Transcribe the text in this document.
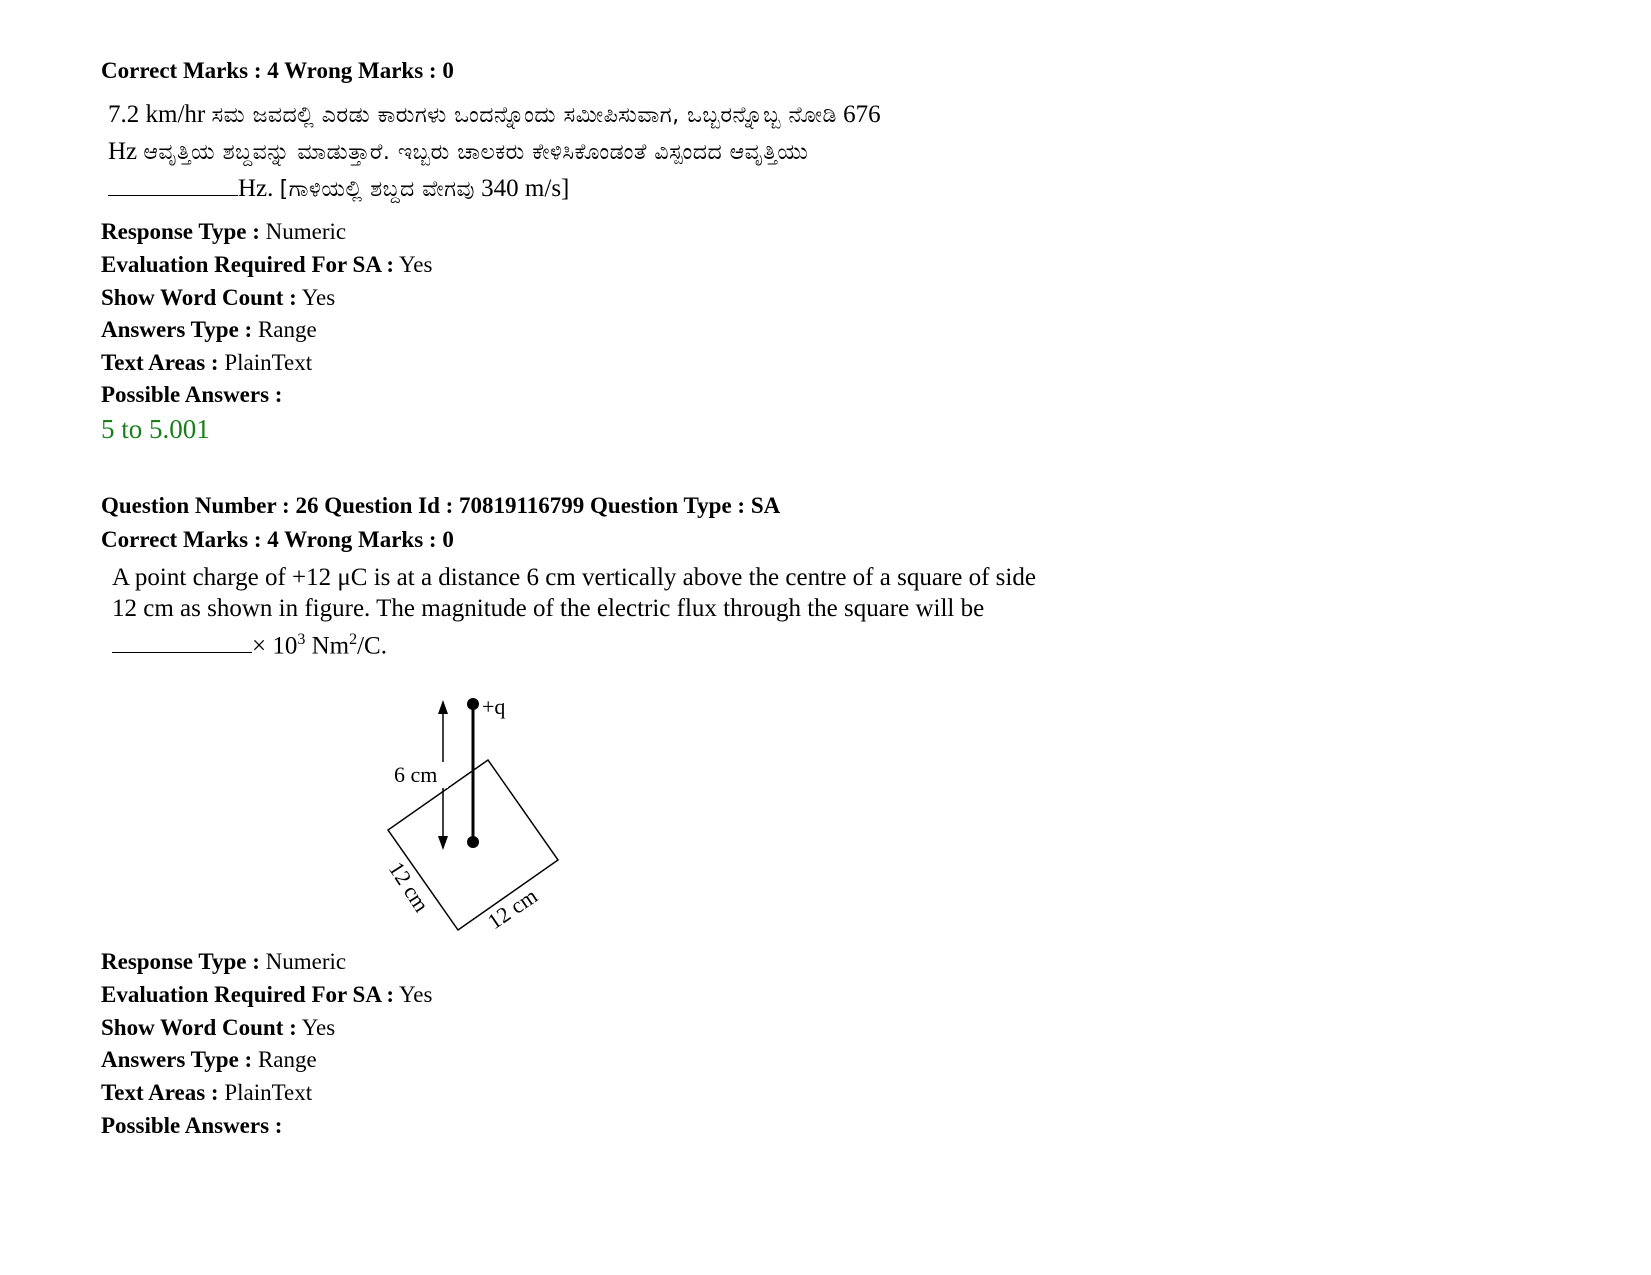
Correct Marks : 4 Wrong Marks : 0
7.2 km/hr ಸಮ ಜವದಲ್ಲಿ ಎರಡು ಕಾರುಗಳು ಒಂದನ್ನೊಂದು ಸಮೀಪಿಸುವಾಗ, ಒಬ್ಬರನ್ನೊಬ್ಬ ನೋಡಿ 676
Hz ಆವೃತ್ತಿಯ ಶಬ್ದವನ್ನು ಮಾಡುತ್ತಾರೆ. ಇಬ್ಬರು ಚಾಲಕರು ಕೇಳಿಸಿಕೊಂಡಂತೆ ವಿಸ್ಪಂದದ ಆವೃತ್ತಿಯು
Hz. [ಗಾಳಿಯಲ್ಲಿ ಶಬ್ದದ ವೇಗವು 340 m/s]
Response Type : Numeric
Evaluation Required For SA : Yes
Show Word Count : Yes
Answers Type : Range
Text Areas : PlainText
Possible Answers :
5 to 5.001
Question Number : 26 Question Id : 70819116799 Question Type : SA
Correct Marks : 4 Wrong Marks : 0
A point charge of +12 μC is at a distance 6 cm vertically above the centre of a square of side
12 cm as shown in figure. The magnitude of the electric flux through the square will be
× $10^3$ $Nm^2/C$.
+q
6 cm
12 cm 12 cm
Response Type : Numeric
Evaluation Required For SA : Yes
Show Word Count : Yes
Answers Type : Range
Text Areas : PlainText
Possible Answers :
